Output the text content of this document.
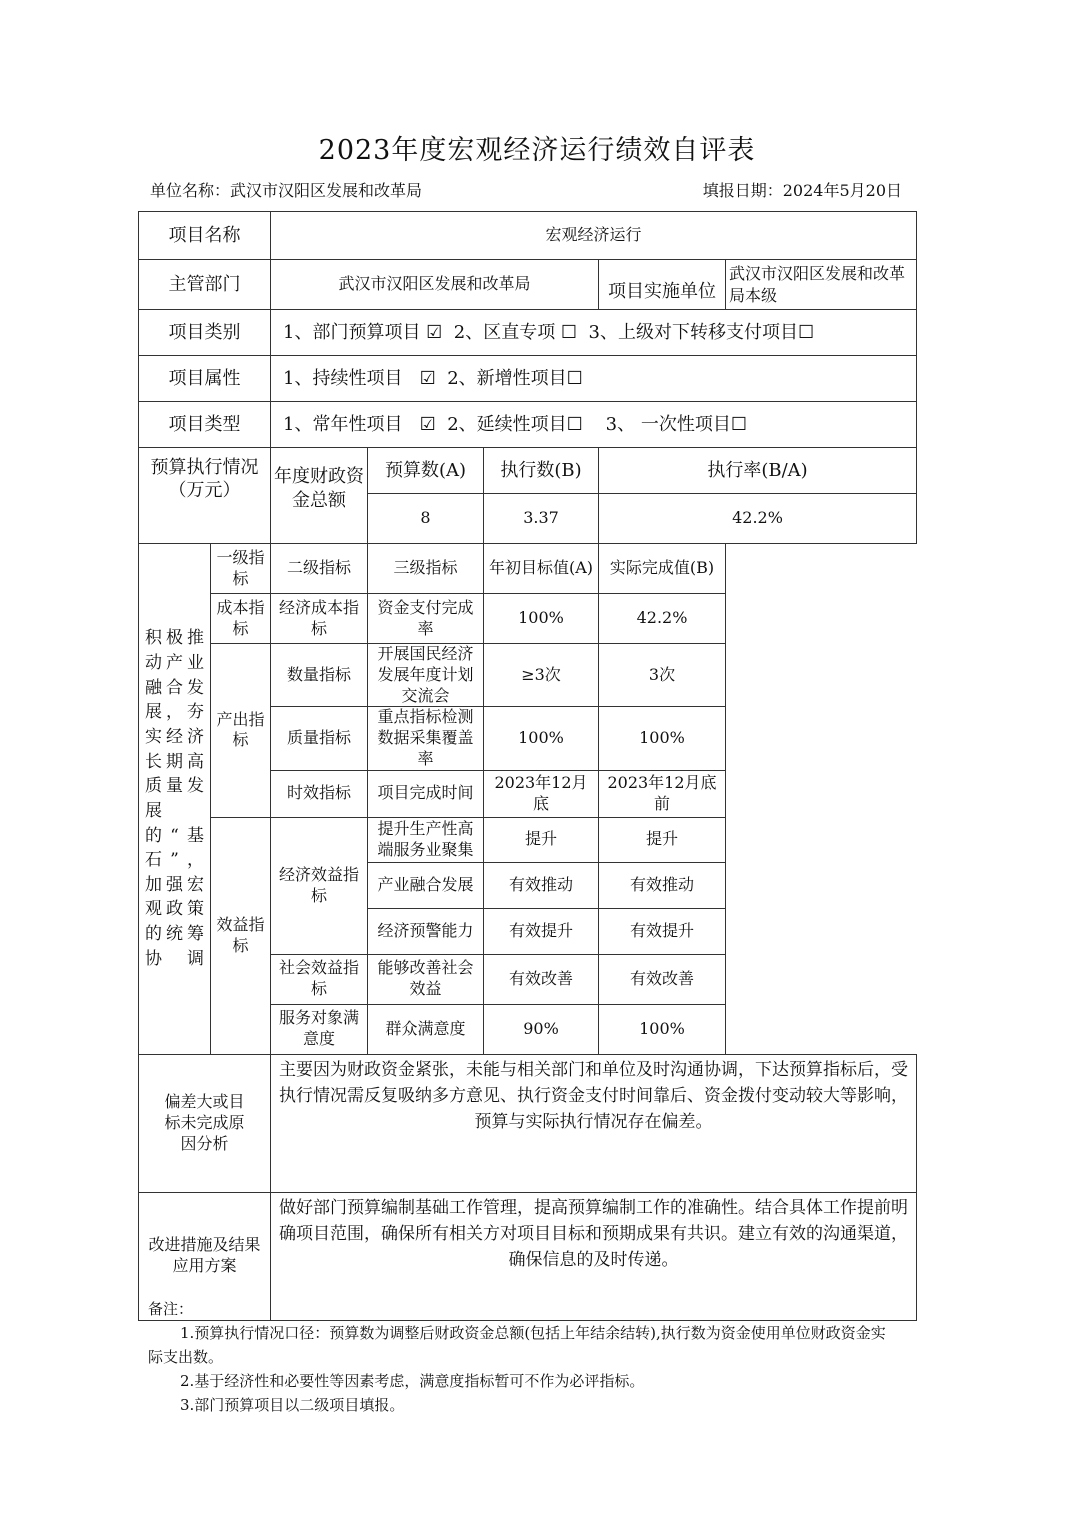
2023年度宏观经济运行绩效自评表
单位名称：武汉市汉阳区发展和改革局	填报日期：2024年5月20日
项目名称		宏观经济运行				
主管部门		武汉市汉阳区发展和改革局			项目实施单位	武汉市汉阳区发展和改革局本级
项目类别		1、部门预算项目 ☑  2、区直专项 ☐  3、上级对下转移支付项目☐				
项目属性		1、持续性项目   ☑  2、新增性项目☐				
项目类型		1、常年性项目   ☑  2、延续性项目☐    3、 一次性项目☐				
预算执行情况（万元）		年度财政资金总额	预算数(A)	执行数(B)	执行率(B/A)	
			8	3.37	42.2%	
积极推动产业融合发展，夯实经济长期高质量发展的“基石”，加强宏观政策的统筹协调	一级指标	二级指标	三级指标	年初目标值(A)	实际完成值(B)	
	成本指标	经济成本指标	资金支付完成率	100%	42.2%	
	产出指标	数量指标	开展国民经济发展年度计划交流会	≥3次	3次	
		质量指标	重点指标检测数据采集覆盖率	100%	100%	
		时效指标	项目完成时间	2023年12月底	2023年12月底前	
	效益指标	经济效益指标	提升生产性高端服务业聚集	提升	提升	
			产业融合发展	有效推动	有效推动	
			经济预警能力	有效提升	有效提升	
		社会效益指标	能够改善社会效益	有效改善	有效改善	
		服务对象满意度	群众满意度	90%	100%	
偏差大或目标未完成原因分析		主要因为财政资金紧张，未能与相关部门和单位及时沟通协调，下达预算指标后，受执行情况需反复吸纳多方意见、执行资金支付时间靠后、资金拨付变动较大等影响，预算与实际执行情况存在偏差。				
改进措施及结果应用方案		做好部门预算编制基础工作管理，提高预算编制工作的准确性。结合具体工作提前明确项目范围，确保所有相关方对项目目标和预期成果有共识。建立有效的沟通渠道，确保信息的及时传递。				

备注：

1.预算执行情况口径：预算数为调整后财政资金总额(包括上年结余结转),执行数为资金使用单位财政资金实际支出数。

2.基于经济性和必要性等因素考虑，满意度指标暂可不作为必评指标。

3.部门预算项目以二级项目填报。
